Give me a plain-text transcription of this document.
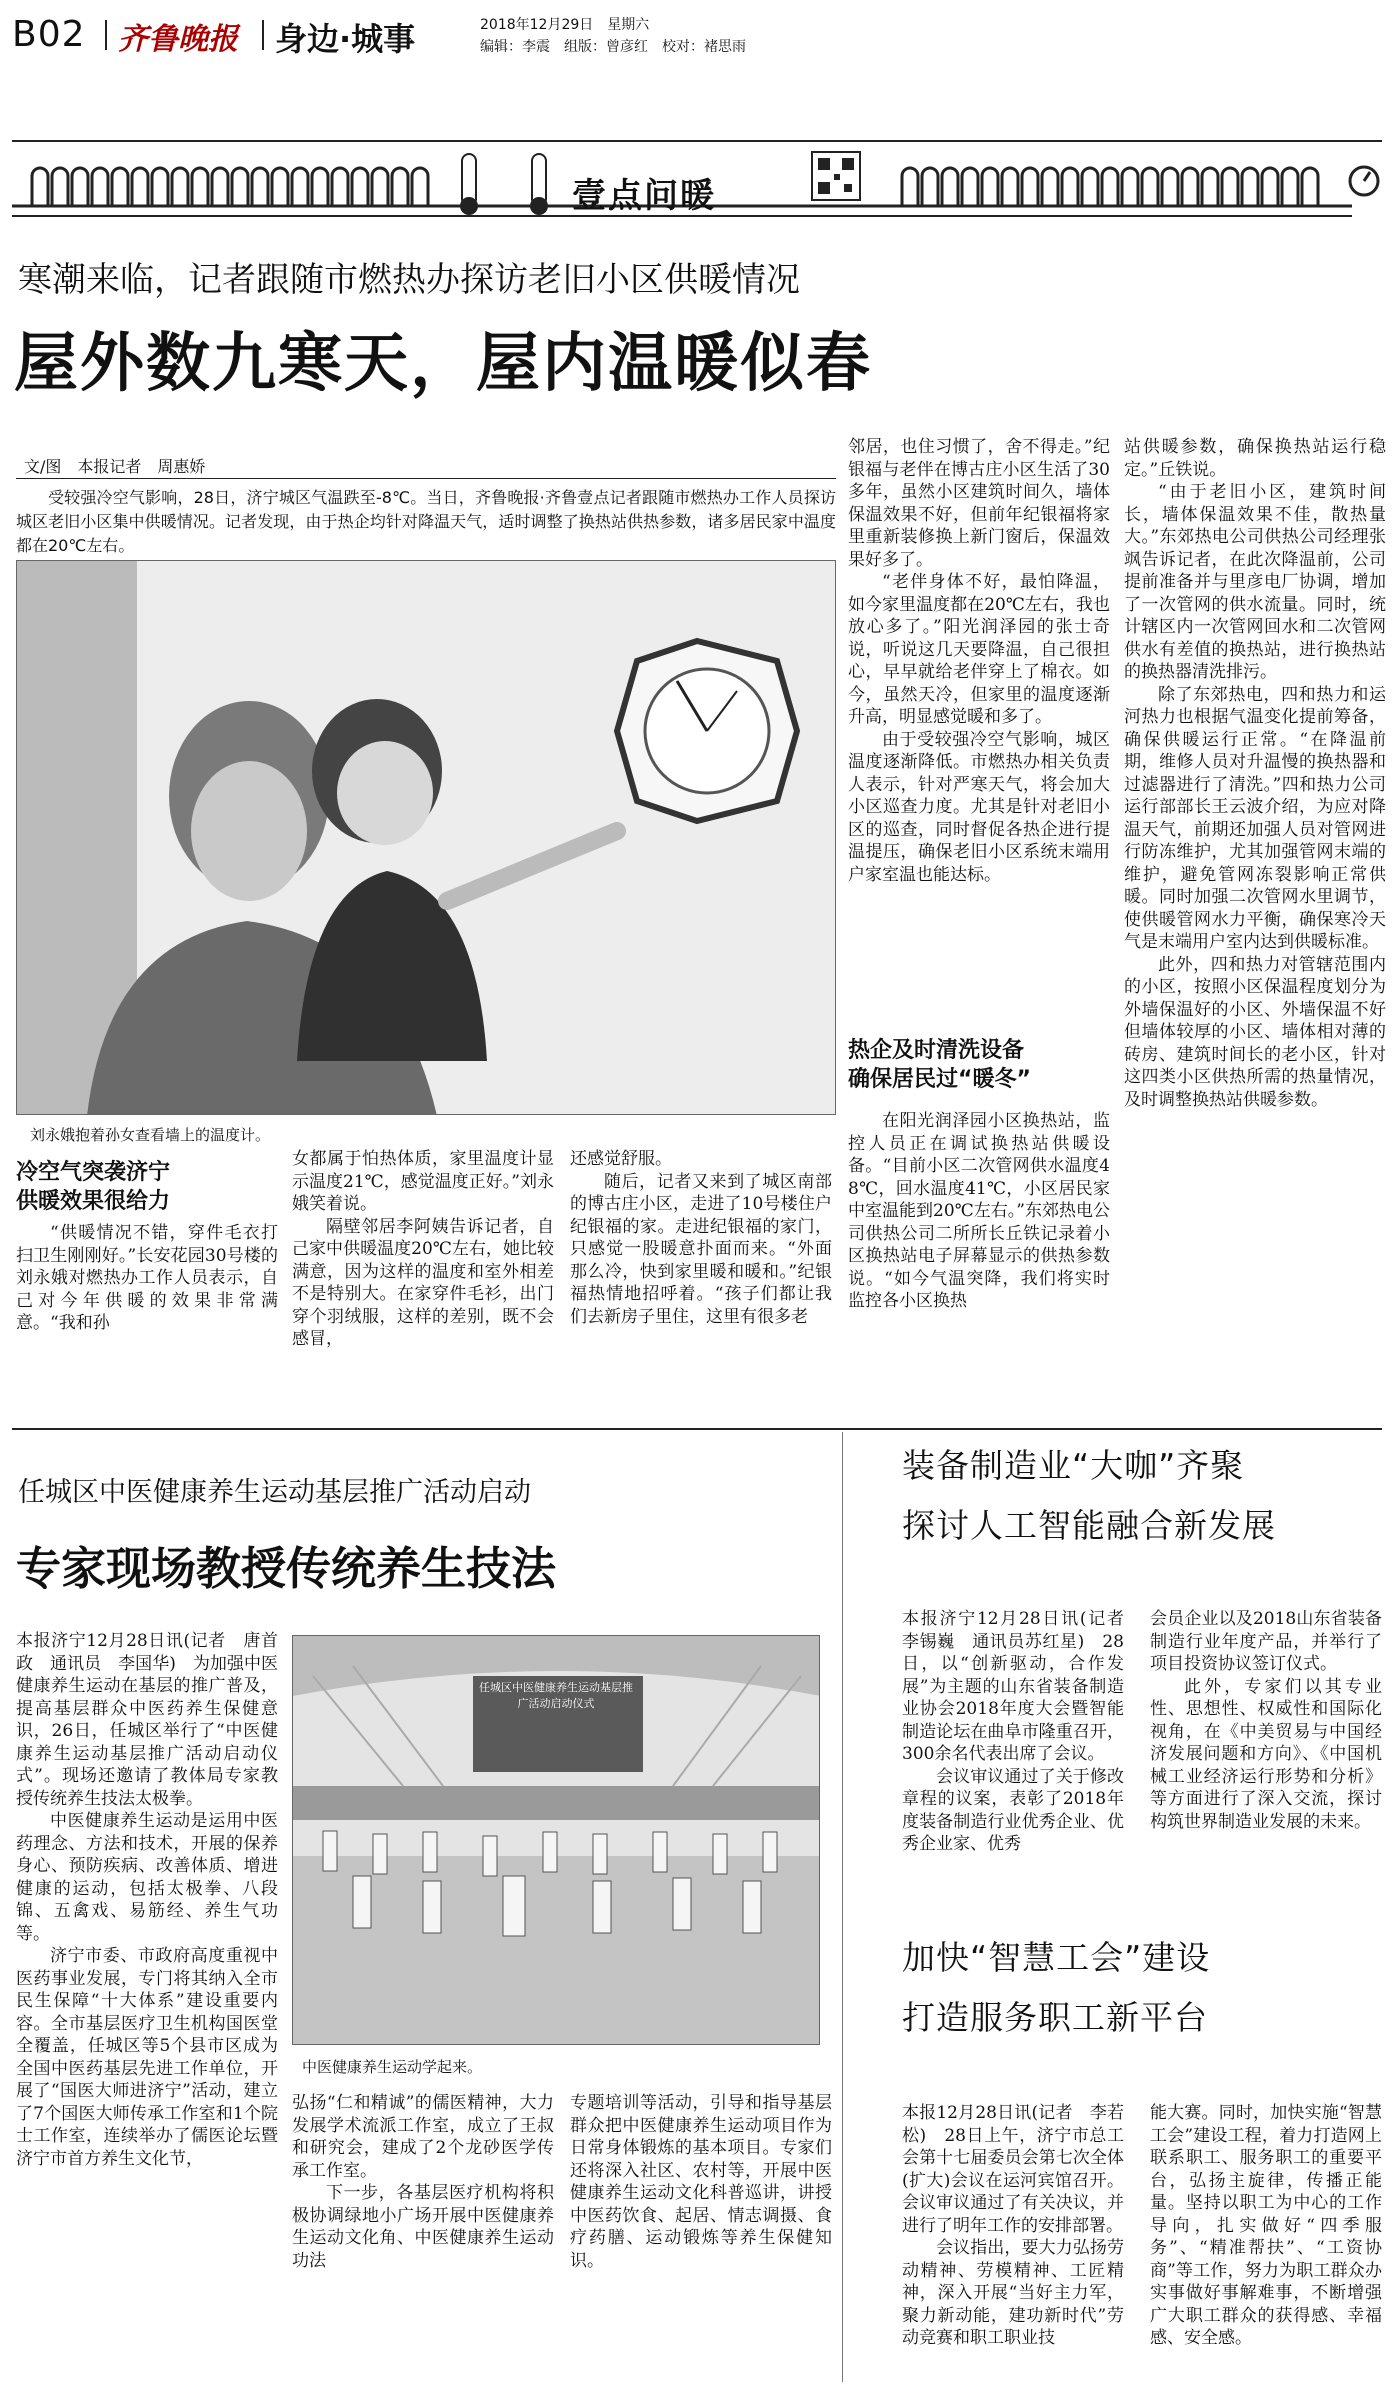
B02 齐鲁晚报 身边·城事	2018年12月29日　 星期六
编辑：李震　 组版：曾彦红　 校对：褚思雨
壹点问暖
寒潮来临，记者跟随市燃热办探访老旧小区供暖情况
屋外数九寒天，屋内温暖似春
文/图　本报记者　周惠娇

受较强冷空气影响，28日，济宁城区气温跌至-8℃。当日，齐鲁晚报·齐鲁壹点记者跟随市燃热办工作人员探访城区老旧小区集中供暖情况。记者发现，由于热企均针对降温天气，适时调整了换热站供热参数，诸多居民家中温度都在20℃左右。

刘永娥抱着孙女查看墙上的温度计。
冷空气突袭济宁
供暖效果很给力

“供暖情况不错，穿件毛衣打扫卫生刚刚好。”长安花园30号楼的刘永娥对燃热办工作人员表示，自己对今年供暖的效果非常满意。“我和孙

女都属于怕热体质，家里温度计显示温度21℃，感觉温度正好。”刘永娥笑着说。

隔壁邻居李阿姨告诉记者，自己家中供暖温度20℃左右，她比较满意，因为这样的温度和室外相差不是特别大。在家穿件毛衫，出门穿个羽绒服，这样的差别，既不会感冒，

还感觉舒服。

随后，记者又来到了城区南部的博古庄小区，走进了10号楼住户纪银福的家。走进纪银福的家门，只感觉一股暖意扑面而来。“外面那么冷，快到家里暖和暖和。”纪银福热情地招呼着。“孩子们都让我们去新房子里住，这里有很多老

邻居，也住习惯了，舍不得走。”纪银福与老伴在博古庄小区生活了30多年，虽然小区建筑时间久，墙体保温效果不好，但前年纪银福将家里重新装修换上新门窗后，保温效果好多了。

“老伴身体不好，最怕降温，如今家里温度都在20℃左右，我也放心多了。”阳光润泽园的张士奇说，听说这几天要降温，自己很担心，早早就给老伴穿上了棉衣。如今，虽然天冷，但家里的温度逐渐升高，明显感觉暖和多了。

由于受较强冷空气影响，城区温度逐渐降低。市燃热办相关负责人表示，针对严寒天气，将会加大小区巡查力度。尤其是针对老旧小区的巡查，同时督促各热企进行提温提压，确保老旧小区系统末端用户家室温也能达标。

热企及时清洗设备
确保居民过“暖冬”

在阳光润泽园小区换热站，监控人员正在调试换热站供暖设备。“目前小区二次管网供水温度48℃，回水温度41℃，小区居民家中室温能到20℃左右。”东郊热电公司供热公司二所所长丘铁记录着小区换热站电子屏幕显示的供热参数说。“如今气温突降，我们将实时监控各小区换热

站供暖参数，确保换热站运行稳定。”丘铁说。

“由于老旧小区，建筑时间长，墙体保温效果不佳，散热量大。”东郊热电公司供热公司经理张飒告诉记者，在此次降温前，公司提前准备并与里彦电厂协调，增加了一次管网的供水流量。同时，统计辖区内一次管网回水和二次管网供水有差值的换热站，进行换热站的换热器清洗排污。

除了东郊热电，四和热力和运河热力也根据气温变化提前筹备，确保供暖运行正常。“在降温前期，维修人员对升温慢的换热器和过滤器进行了清洗。”四和热力公司运行部部长王云波介绍，为应对降温天气，前期还加强人员对管网进行防冻维护，尤其加强管网末端的维护，避免管网冻裂影响正常供暖。同时加强二次管网水里调节，使供暖管网水力平衡，确保寒冷天气是末端用户室内达到供暖标准。

此外，四和热力对管辖范围内的小区，按照小区保温程度划分为外墙保温好的小区、外墙保温不好但墙体较厚的小区、墙体相对薄的砖房、建筑时间长的老小区，针对这四类小区供热所需的热量情况，及时调整换热站供暖参数。

任城区中医健康养生运动基层推广活动启动
专家现场教授传统养生技法

本报济宁12月28日讯(记者　唐首政　通讯员　李国华)　为加强中医健康养生运动在基层的推广普及，提高基层群众中医药养生保健意识，26日，任城区举行了“中医健康养生运动基层推广活动启动仪式”。现场还邀请了教体局专家教授传统养生技法太极拳。

中医健康养生运动是运用中医药理念、方法和技术，开展的保养身心、预防疾病、改善体质、增进健康的运动，包括太极拳、八段锦、五禽戏、易筋经、养生气功等。

济宁市委、市政府高度重视中医药事业发展，专门将其纳入全市民生保障“十大体系”建设重要内容。全市基层医疗卫生机构国医堂全覆盖，任城区等5个县市区成为全国中医药基层先进工作单位，开展了“国医大师进济宁”活动，建立了7个国医大师传承工作室和1个院士工作室，连续举办了儒医论坛暨济宁市首方养生文化节，

任城区中医健康养生运动基层推广活动启动仪式
中医健康养生运动学起来。

弘扬“仁和精诚”的儒医精神，大力发展学术流派工作室，成立了王叔和研究会，建成了2个龙砂医学传承工作室。

下一步，各基层医疗机构将积极协调绿地小广场开展中医健康养生运动文化角、中医健康养生运动功法

专题培训等活动，引导和指导基层群众把中医健康养生运动项目作为日常身体锻炼的基本项目。专家们还将深入社区、农村等，开展中医健康养生运动文化科普巡讲，讲授中医药饮食、起居、情志调摄、食疗药膳、运动锻炼等养生保健知识。

装备制造业“大咖”齐聚
探讨人工智能融合新发展

本报济宁12月28日讯(记者　李锡巍　通讯员苏红星)　28日，以“创新驱动，合作发展”为主题的山东省装备制造业协会2018年度大会暨智能制造论坛在曲阜市隆重召开，300余名代表出席了会议。

会议审议通过了关于修改章程的议案，表彰了2018年度装备制造行业优秀企业、优秀企业家、优秀

会员企业以及2018山东省装备制造行业年度产品，并举行了项目投资协议签订仪式。

此外，专家们以其专业性、思想性、权威性和国际化视角，在《中美贸易与中国经济发展问题和方向》、《中国机械工业经济运行形势和分析》等方面进行了深入交流，探讨构筑世界制造业发展的未来。

加快“智慧工会”建设
打造服务职工新平台

本报12月28日讯(记者　李若松)　28日上午，济宁市总工会第十七届委员会第七次全体(扩大)会议在运河宾馆召开。会议审议通过了有关决议，并进行了明年工作的安排部署。

会议指出，要大力弘扬劳动精神、劳模精神、工匠精神，深入开展“当好主力军，聚力新动能，建功新时代”劳动竞赛和职工职业技

能大赛。同时，加快实施“智慧工会”建设工程，着力打造网上联系职工、服务职工的重要平台，弘扬主旋律，传播正能量。坚持以职工为中心的工作导向，扎实做好“四季服务”、“精准帮扶”、“工资协商”等工作，努力为职工群众办实事做好事解难事，不断增强广大职工群众的获得感、幸福感、安全感。
